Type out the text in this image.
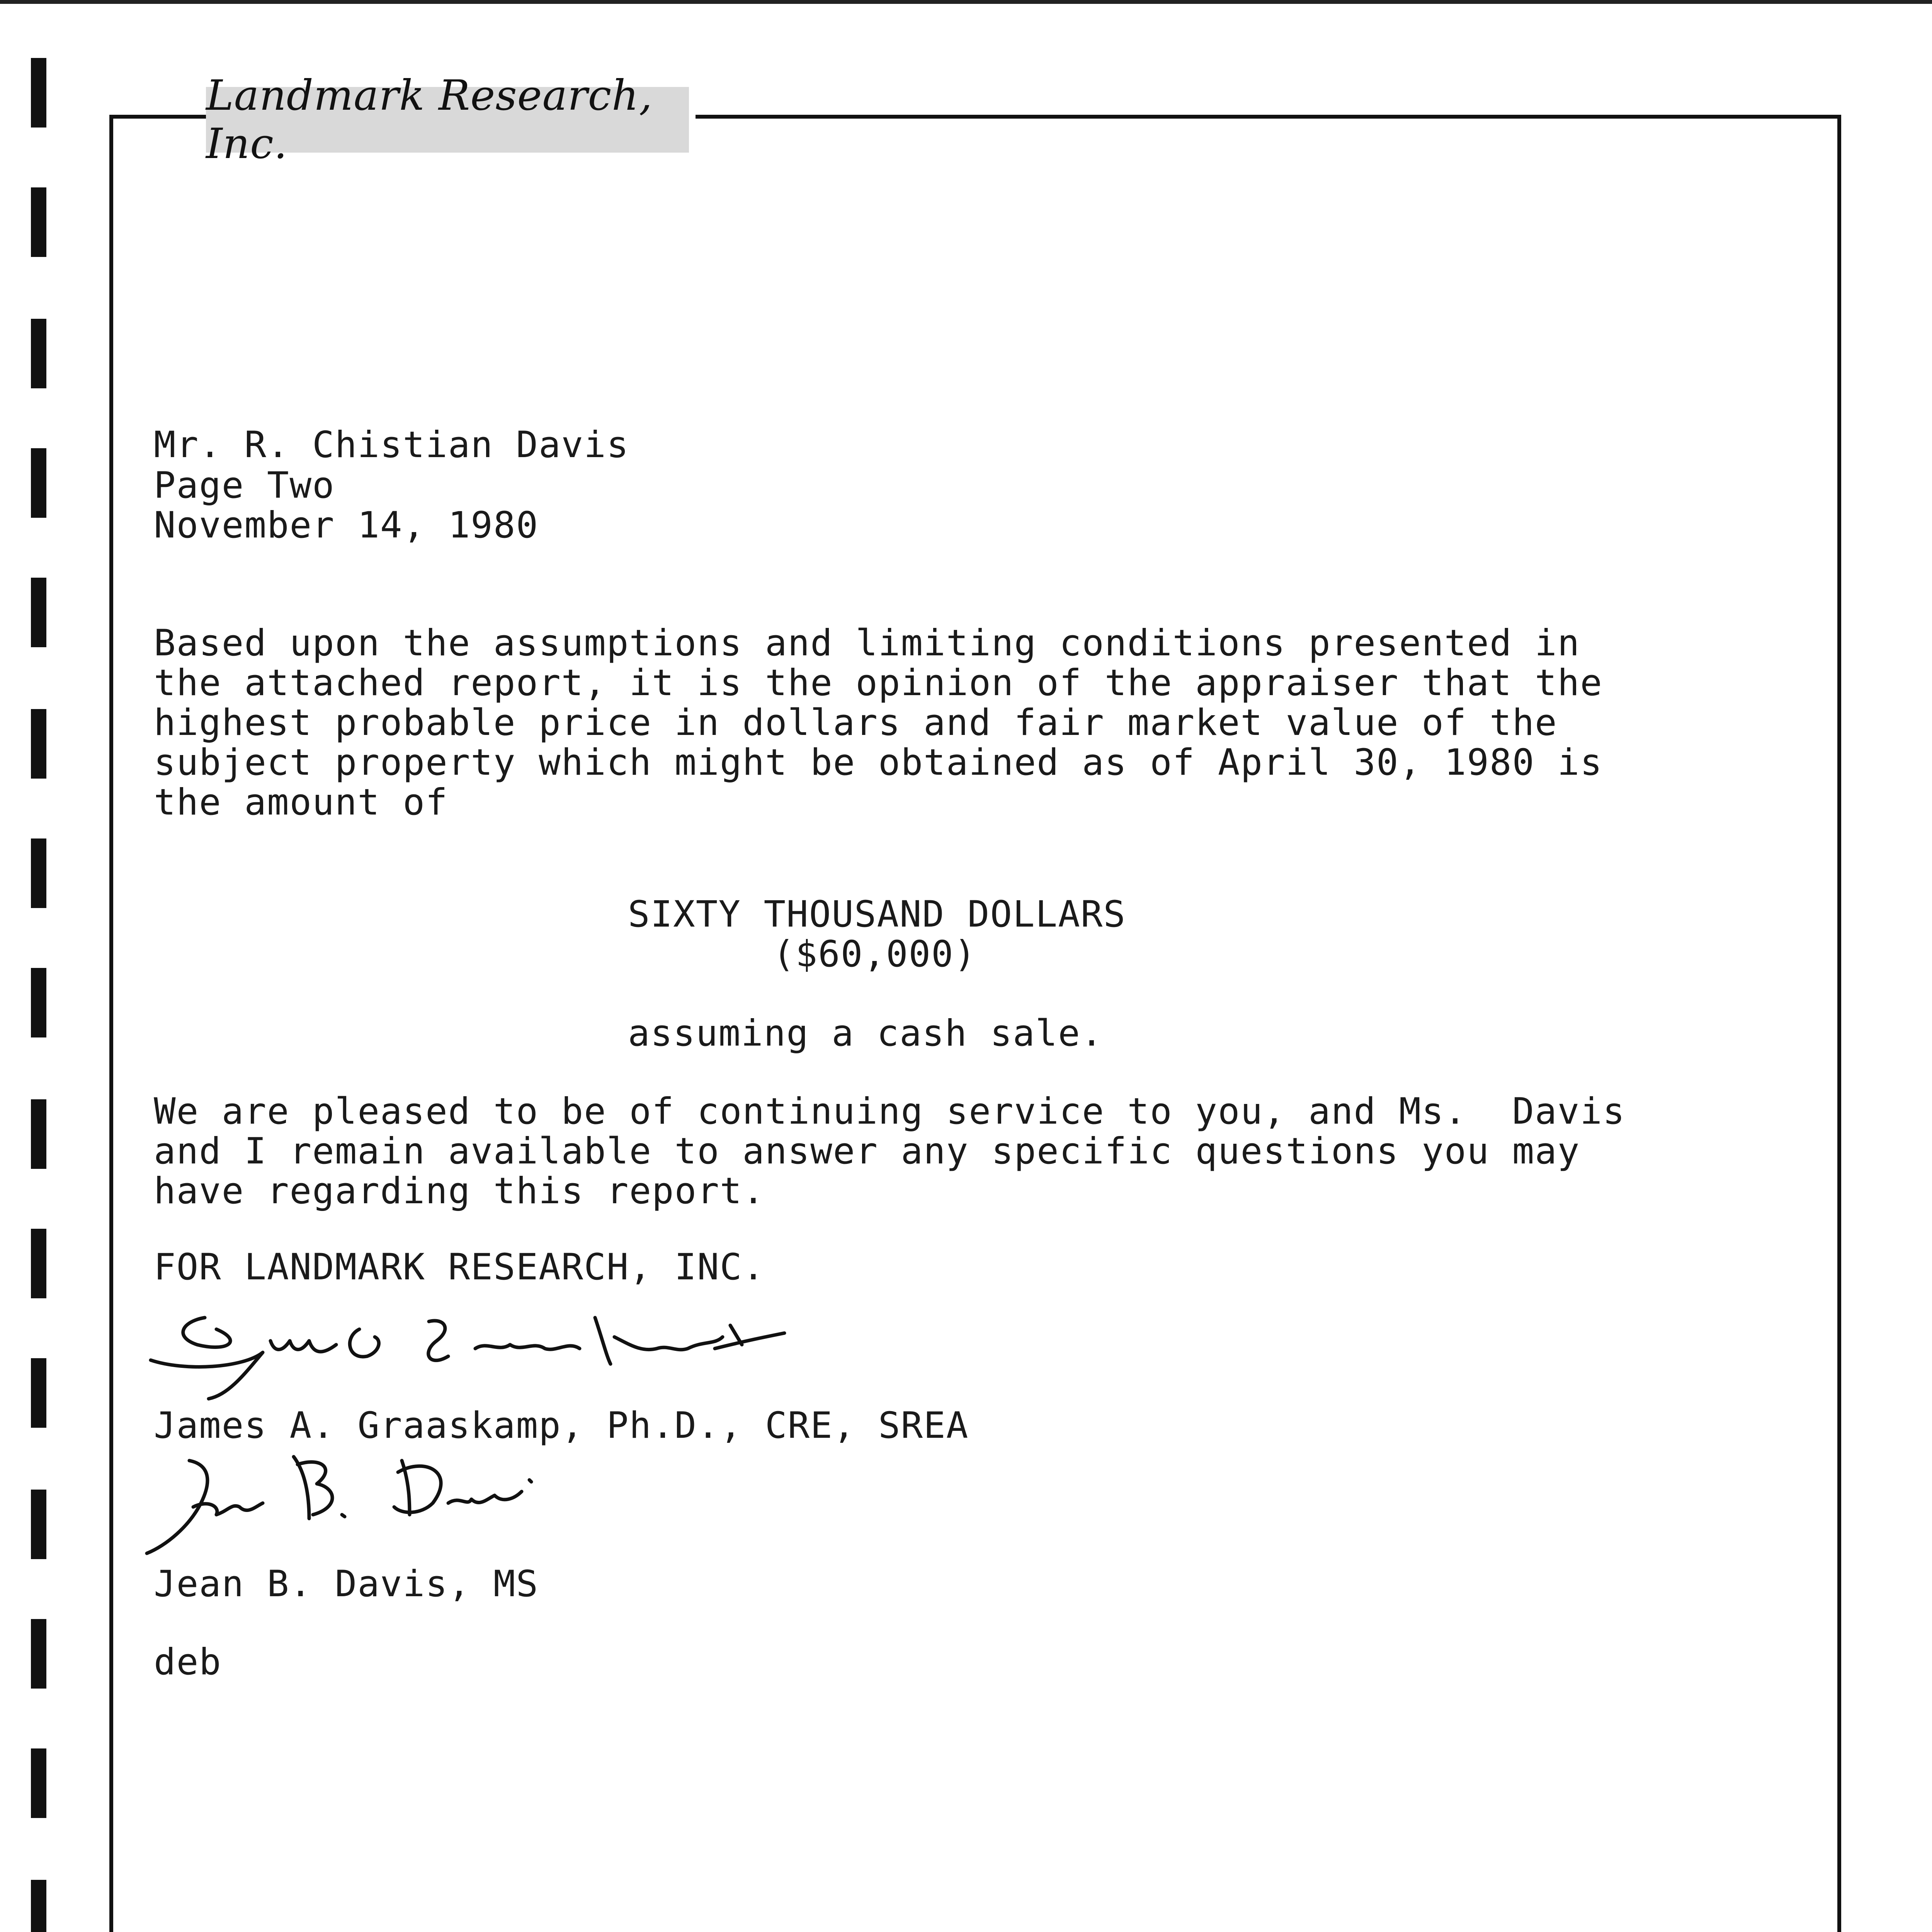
Landmark Research, Inc.
Mr. R. Chistian Davis
Page Two
November 14, 1980
Based upon the assumptions and limiting conditions presented in
the attached report, it is the opinion of the appraiser that the
highest probable price in dollars and fair market value of the
subject property which might be obtained as of April 30, 1980 is
the amount of
SIXTY THOUSAND DOLLARS
($60,000)
assuming a cash sale.
We are pleased to be of continuing service to you, and Ms.  Davis
and I remain available to answer any specific questions you may
have regarding this report.
FOR LANDMARK RESEARCH, INC.
James A. Graaskamp, Ph.D., CRE, SREA
Jean B. Davis, MS
deb
